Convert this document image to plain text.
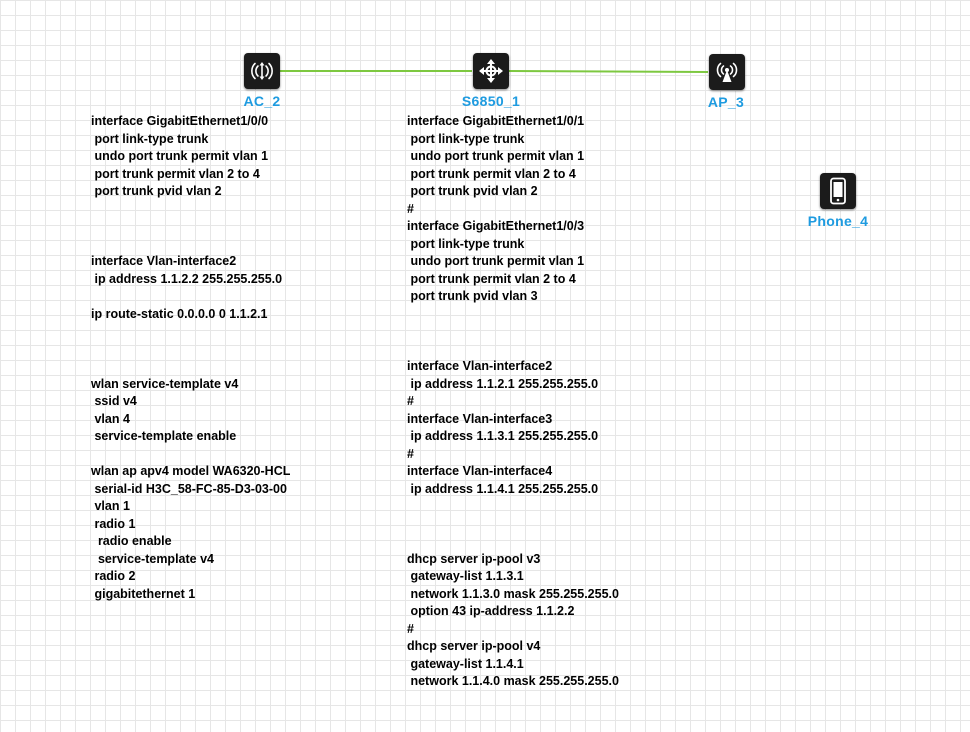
AC_2	S6850_1	AP_3
Phone_4
interface GigabitEthernet1/0/0
port link-type trunk
undo port trunk permit vlan 1
port trunk permit vlan 2 to 4
port trunk pvid vlan 2
interface Vlan-interface2
ip address 1.1.2.2 255.255.255.0
ip route-static 0.0.0.0 0 1.1.2.1
wlan service-template v4
ssid v4
vlan 4
service-template enable
wlan ap apv4 model WA6320-HCL
serial-id H3C_58-FC-85-D3-03-00
vlan 1
radio 1
radio enable
service-template v4
radio 2
gigabitethernet 1
interface GigabitEthernet1/0/1
port link-type trunk
undo port trunk permit vlan 1
port trunk permit vlan 2 to 4
port trunk pvid vlan 2
#
interface GigabitEthernet1/0/3
port link-type trunk
undo port trunk permit vlan 1
port trunk permit vlan 2 to 4
port trunk pvid vlan 3
interface Vlan-interface2
ip address 1.1.2.1 255.255.255.0
#
interface Vlan-interface3
ip address 1.1.3.1 255.255.255.0
#
interface Vlan-interface4
ip address 1.1.4.1 255.255.255.0
dhcp server ip-pool v3
gateway-list 1.1.3.1
network 1.1.3.0 mask 255.255.255.0
option 43 ip-address 1.1.2.2
#
dhcp server ip-pool v4
gateway-list 1.1.4.1
network 1.1.4.0 mask 255.255.255.0
